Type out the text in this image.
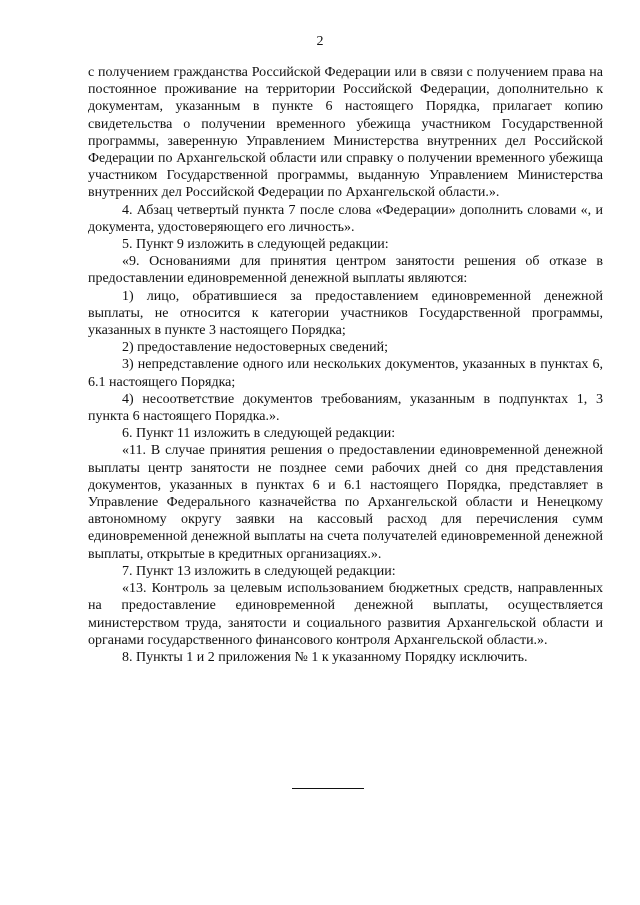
2

с получением гражданства Российской Федерации или в связи с получением права на постоянное проживание на территории Российской Федерации, дополнительно к документам, указанным в пункте 6 настоящего Порядка, прилагает копию свидетельства о получении временного убежища участником Государственной программы, заверенную Управлением Министерства внутренних дел Российской Федерации по Архангельской области или справку о получении временного убежища участником Государственной программы, выданную Управлением Министерства внутренних дел Российской Федерации по Архангельской области.».

4. Абзац четвертый пункта 7 после слова «Федерации» дополнить словами «, и документа, удостоверяющего его личность».

5. Пункт 9 изложить в следующей редакции:

«9. Основаниями для принятия центром занятости решения об отказе в предоставлении единовременной денежной выплаты являются:

1) лицо, обратившиеся за предоставлением единовременной денежной выплаты, не относится к категории участников Государственной программы, указанных в пункте 3 настоящего Порядка;

2) предоставление недостоверных сведений;

3) непредставление одного или нескольких документов, указанных в пунктах 6, 6.1 настоящего Порядка;

4) несоответствие документов требованиям, указанным в подпунктах 1, 3 пункта 6 настоящего Порядка.».

6. Пункт 11 изложить в следующей редакции:

«11. В случае принятия решения о предоставлении единовременной денежной выплаты центр занятости не позднее семи рабочих дней со дня представления документов, указанных в пунктах 6 и 6.1 настоящего Порядка, представляет в Управление Федерального казначейства по Архангельской области и Ненецкому автономному округу заявки на кассовый расход для перечисления сумм единовременной денежной выплаты на счета получателей единовременной денежной выплаты, открытые в кредитных организациях.».

7. Пункт 13 изложить в следующей редакции:

«13. Контроль за целевым использованием бюджетных средств, направленных на предоставление единовременной денежной выплаты, осуществляется министерством труда, занятости и социального развития Архангельской области и органами государственного финансового контроля Архангельской области.».

8. Пункты 1 и 2 приложения № 1 к указанному Порядку исключить.
